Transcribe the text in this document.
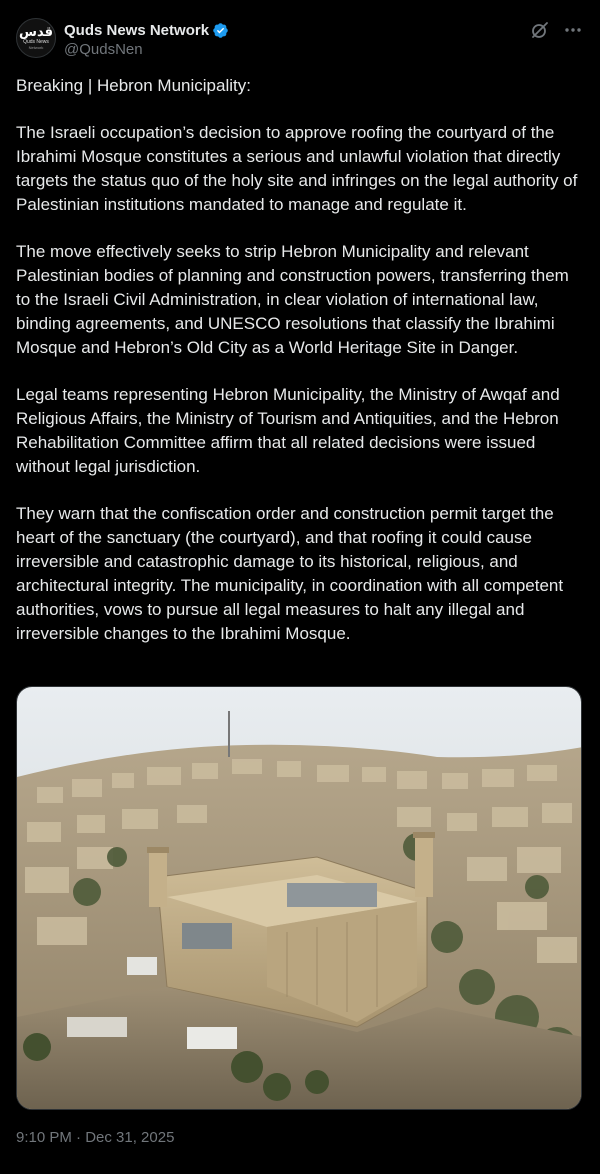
قدس
Quds News
Network
Quds News Network
@QudsNen

Breaking | Hebron Municipality:

The Israeli occupation’s decision to approve roofing the courtyard of the Ibrahimi Mosque constitutes a serious and unlawful violation that directly targets the status quo of the holy site and infringes on the legal authority of Palestinian institutions mandated to manage and regulate it.

The move effectively seeks to strip Hebron Municipality and relevant Palestinian bodies of planning and construction powers, transferring them to the Israeli Civil Administration, in clear violation of international law, binding agreements, and UNESCO resolutions that classify the Ibrahimi Mosque and Hebron’s Old City as a World Heritage Site in Danger.

Legal teams representing Hebron Municipality, the Ministry of Awqaf and Religious Affairs, the Ministry of Tourism and Antiquities, and the Hebron Rehabilitation Committee affirm that all related decisions were issued without legal jurisdiction.

They warn that the confiscation order and construction permit target the heart of the sanctuary (the courtyard), and that roofing it could cause irreversible and catastrophic damage to its historical, religious, and architectural integrity. The municipality, in coordination with all competent authorities, vows to pursue all legal measures to halt any illegal and irreversible changes to the Ibrahimi Mosque.

9:10 PM · Dec 31, 2025
